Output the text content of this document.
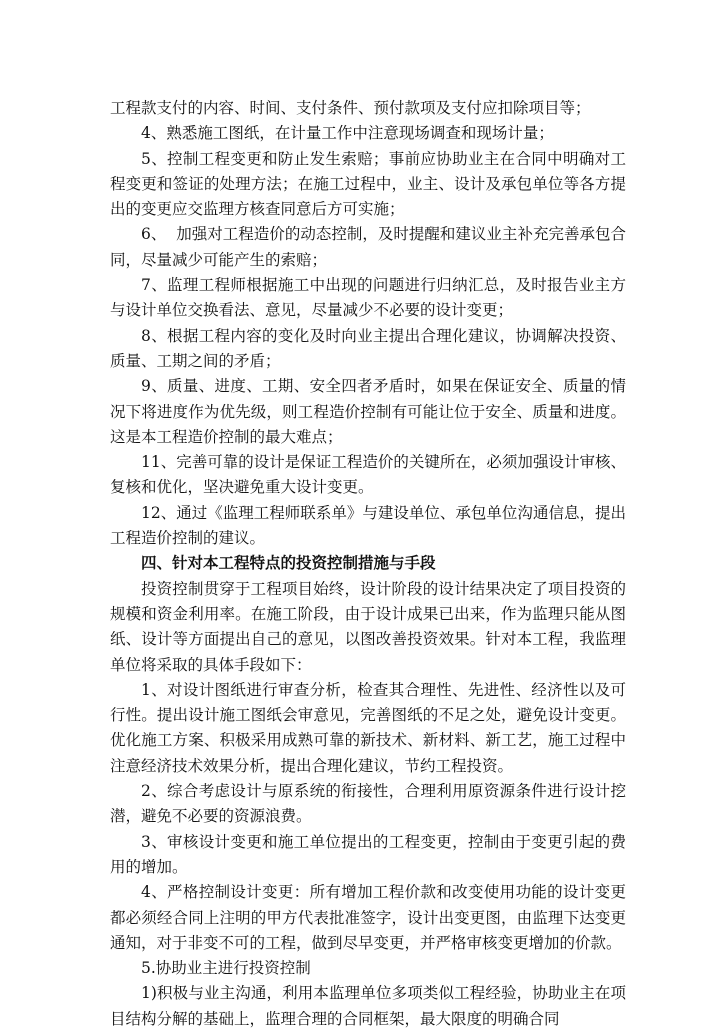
工程款支付的内容、时间、支付条件、预付款项及支付应扣除项目等；

4、熟悉施工图纸，在计量工作中注意现场调查和现场计量；

5、控制工程变更和防止发生索赔；事前应协助业主在合同中明确对工程变更和签证的处理方法；在施工过程中，业主、设计及承包单位等各方提出的变更应交监理方核查同意后方可实施；

6、  加强对工程造价的动态控制，及时提醒和建议业主补充完善承包合同，尽量减少可能产生的索赔；

7、监理工程师根据施工中出现的问题进行归纳汇总，及时报告业主方与设计单位交换看法、意见，尽量减少不必要的设计变更；

8、根据工程内容的变化及时向业主提出合理化建议，协调解决投资、质量、工期之间的矛盾；

9、质量、进度、工期、安全四者矛盾时，如果在保证安全、质量的情况下将进度作为优先级，则工程造价控制有可能让位于安全、质量和进度。这是本工程造价控制的最大难点；

11、完善可靠的设计是保证工程造价的关键所在，必须加强设计审核、复核和优化，坚决避免重大设计变更。

12、通过《监理工程师联系单》与建设单位、承包单位沟通信息，提出工程造价控制的建议。

四、针对本工程特点的投资控制措施与手段

投资控制贯穿于工程项目始终，设计阶段的设计结果决定了项目投资的规模和资金利用率。在施工阶段，由于设计成果已出来，作为监理只能从图纸、设计等方面提出自己的意见，以图改善投资效果。针对本工程，我监理单位将采取的具体手段如下：

1、对设计图纸进行审查分析，检查其合理性、先进性、经济性以及可行性。提出设计施工图纸会审意见，完善图纸的不足之处，避免设计变更。优化施工方案、积极采用成熟可靠的新技术、新材料、新工艺，施工过程中注意经济技术效果分析，提出合理化建议，节约工程投资。

2、综合考虑设计与原系统的衔接性，合理利用原资源条件进行设计挖潜，避免不必要的资源浪费。

3、审核设计变更和施工单位提出的工程变更，控制由于变更引起的费用的增加。

4、严格控制设计变更：所有增加工程价款和改变使用功能的设计变更都必须经合同上注明的甲方代表批准签字，设计出变更图，由监理下达变更通知，对于非变不可的工程，做到尽早变更，并严格审核变更增加的价款。

5.协助业主进行投资控制

1)积极与业主沟通，利用本监理单位多项类似工程经验，协助业主在项目结构分解的基础上，监理合理的合同框架，最大限度的明确合同
